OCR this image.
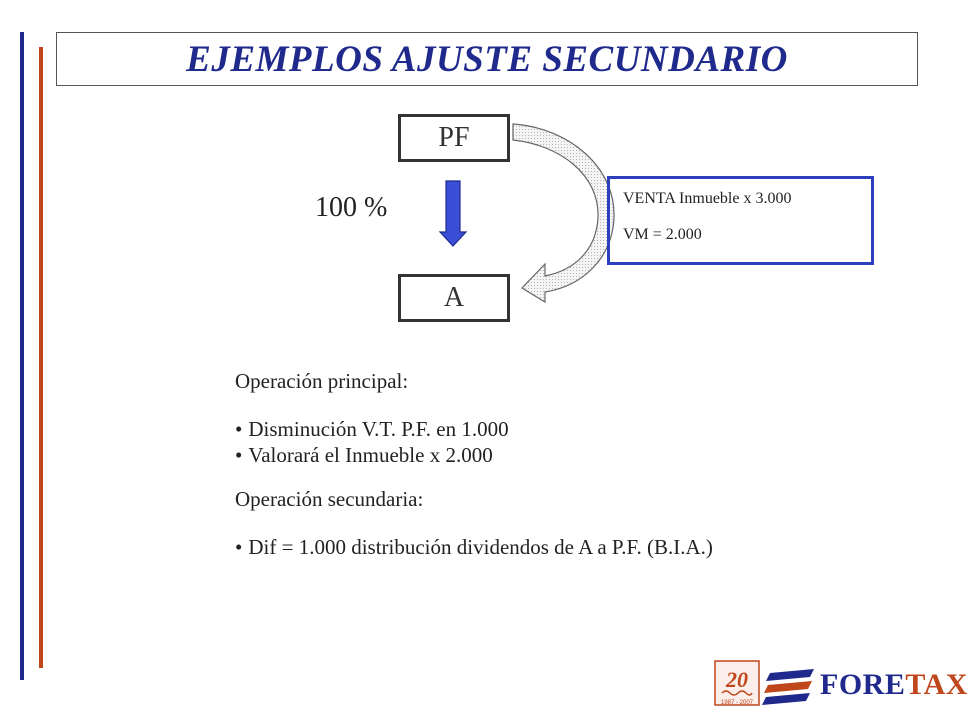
EJEMPLOS AJUSTE SECUNDARIO
PF
A
100 %	VENTA Inmueble x 3.000
VM = 2.000
Operación principal:
• Disminución V.T. P.F. en 1.000
• Valorará el Inmueble x 2.000
Operación secundaria:
• Dif = 1.000 distribución dividendos de A a P.F. (B.I.A.)
20
1987 - 2007
FORETAX
